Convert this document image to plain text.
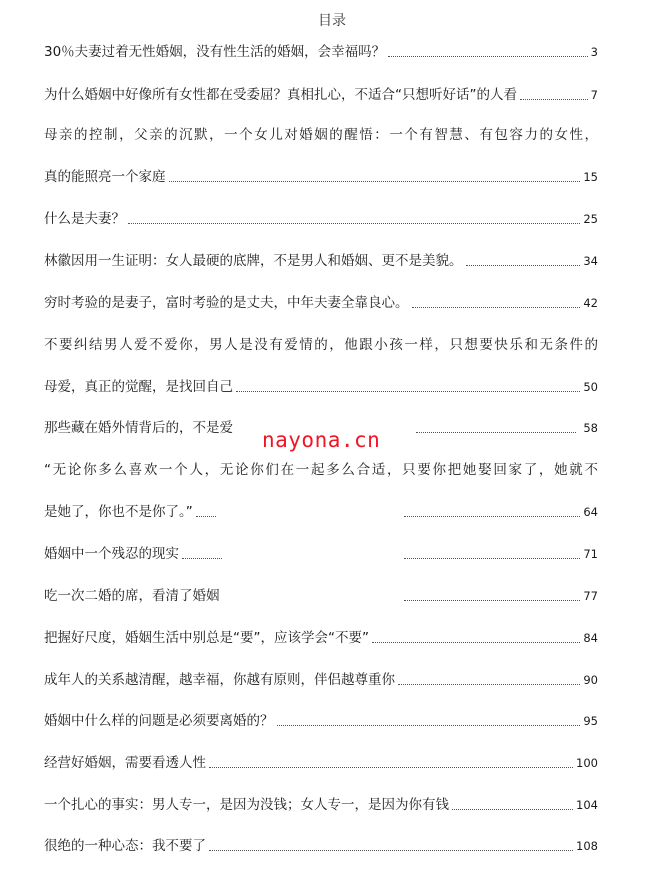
目录
30％夫妻过着无性婚姻，没有性生活的婚姻，会幸福吗？	3
为什么婚姻中好像所有女性都在受委屈？真相扎心，不适合“只想听好话”的人看	7
母亲的控制，父亲的沉默，一个女儿对婚姻的醒悟：一个有智慧、有包容力的女性，
真的能照亮一个家庭	15
什么是夫妻？	25
林徽因用一生证明：女人最硬的底牌，不是男人和婚姻、更不是美貌。	34
穷时考验的是妻子，富时考验的是丈夫，中年夫妻全靠良心。	42
不要纠结男人爱不爱你，男人是没有爱情的，他跟小孩一样，只想要快乐和无条件的
母爱，真正的觉醒，是找回自己	50
那些藏在婚外情背后的，不是爱	58
“无论你多么喜欢一个人，无论你们在一起多么合适，只要你把她娶回家了，她就不
是她了，你也不是你了。”	64
婚姻中一个残忍的现实	71
吃一次二婚的席，看清了婚姻	77
把握好尺度，婚姻生活中别总是“要”，应该学会“不要”	84
成年人的关系越清醒，越幸福，你越有原则，伴侣越尊重你	90
婚姻中什么样的问题是必须要离婚的？	95
经营好婚姻，需要看透人性	100
一个扎心的事实：男人专一，是因为没钱；女人专一，是因为你有钱	104
很绝的一种心态：我不要了	108
nayona.cn
